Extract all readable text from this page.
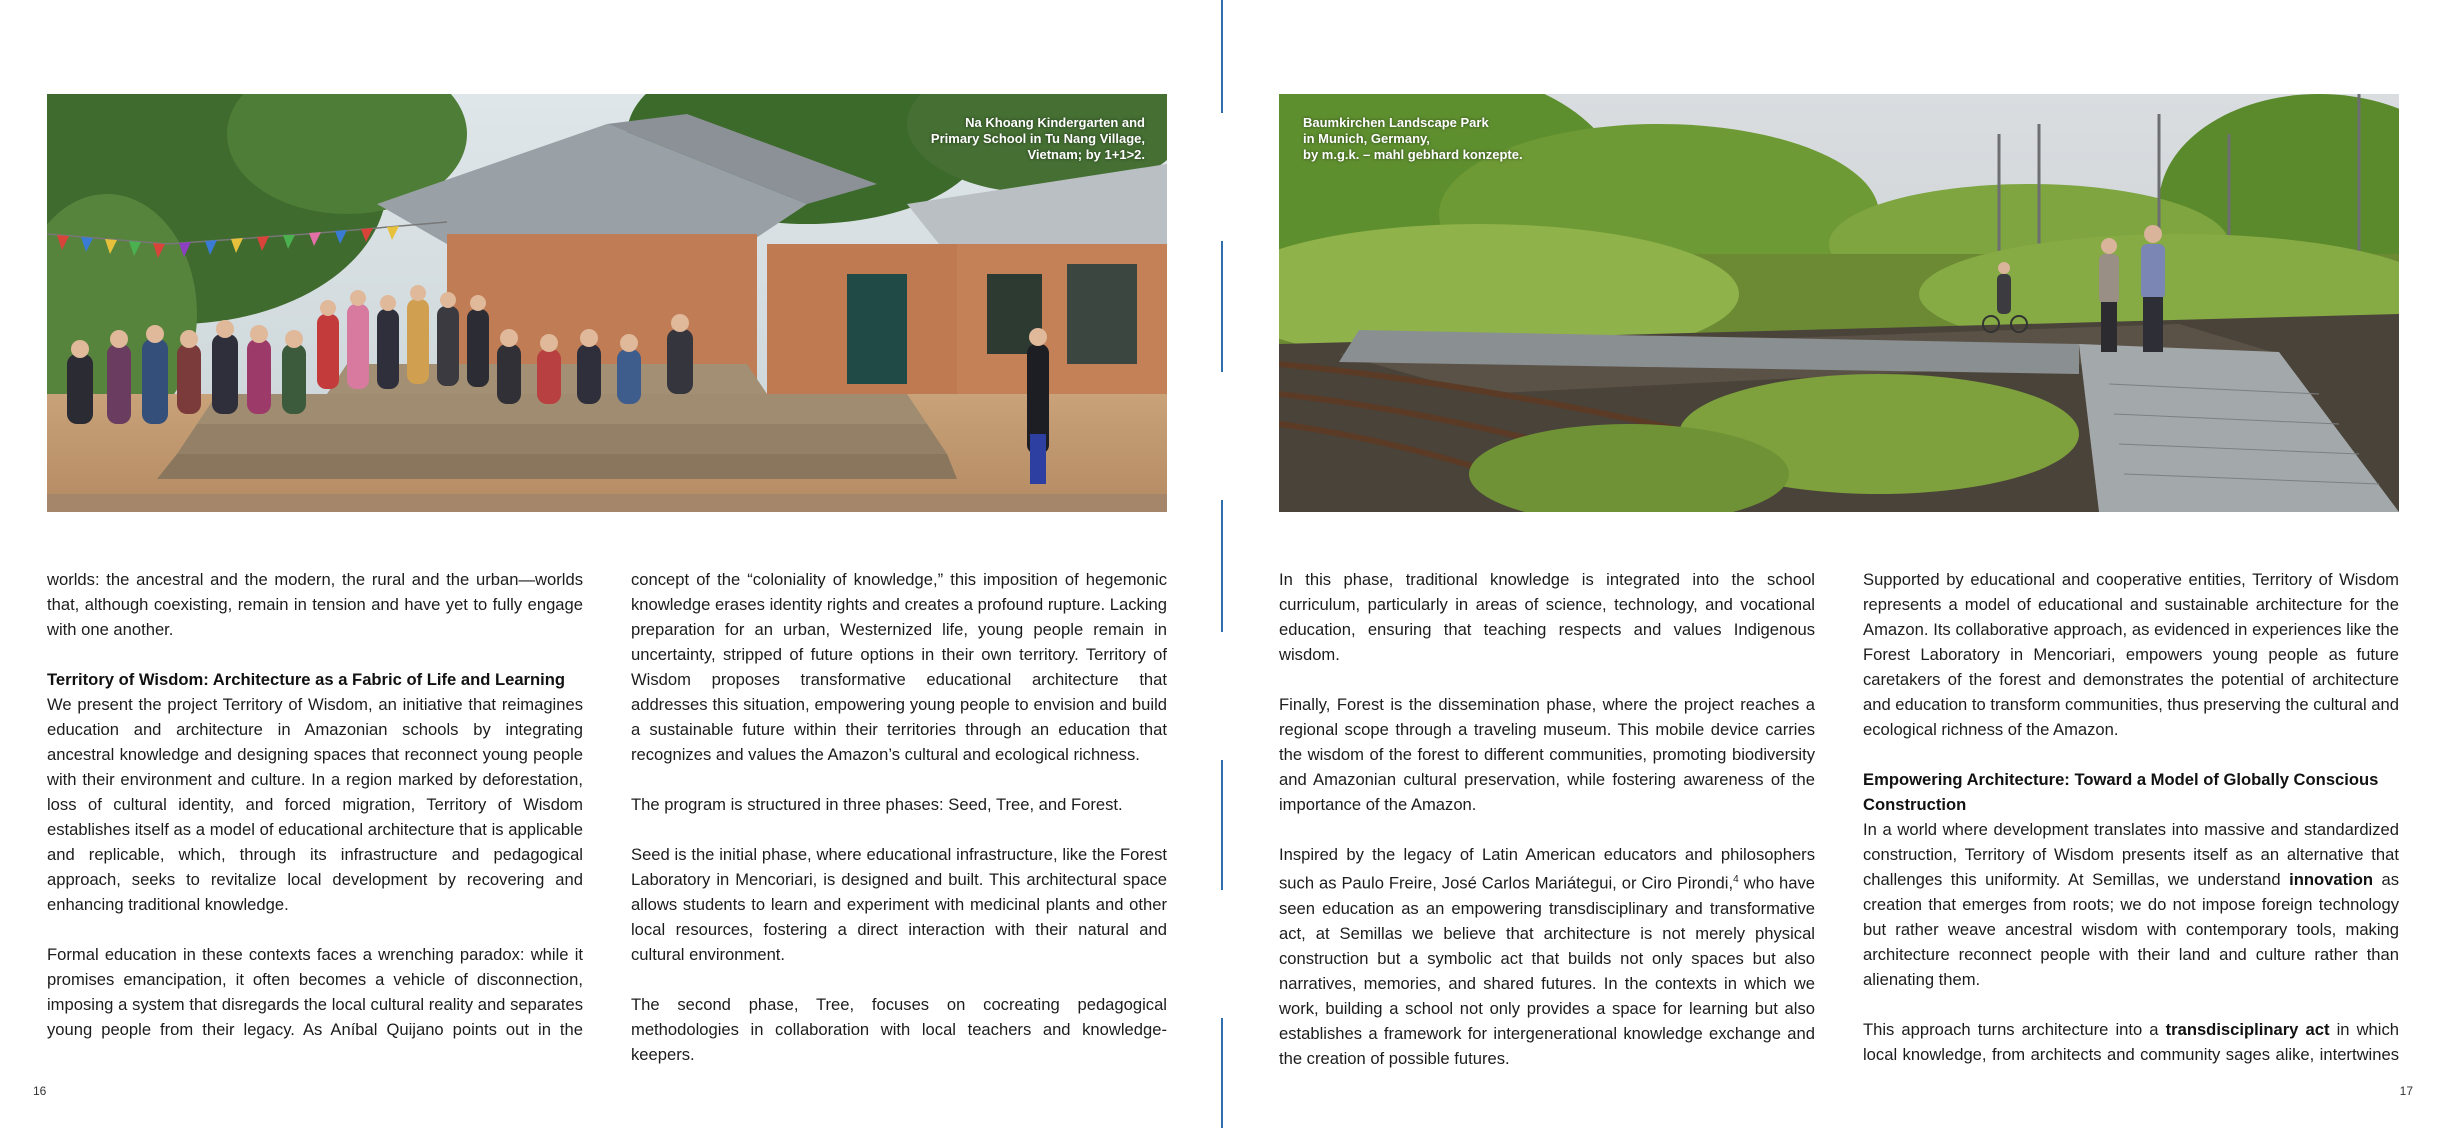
Na Khoang Kindergarten and
Primary School in Tu Nang Village,
Vietnam; by 1+1>2.

worlds: the ancestral and the modern, the rural and the urban—worlds that, although coexisting, remain in tension and have yet to fully engage with one another.

Territory of Wisdom: Architecture as a Fabric of Life and Learning

We present the project Territory of Wisdom, an initiative that reimagines education and architecture in Amazonian schools by integrating ancestral knowledge and designing spaces that reconnect young people with their environment and culture. In a region marked by deforestation, loss of cultural identity, and forced migration, Territory of Wisdom establishes itself as a model of educational architecture that is applicable and replicable, which, through its infrastructure and pedagogical approach, seeks to revitalize local development by recovering and enhancing traditional knowledge.

Formal education in these contexts faces a wrenching paradox: while it promises emancipation, it often becomes a vehicle of disconnection, imposing a system that disregards the local cultural reality and separates young people from their legacy. As Aníbal Quijano points out in the

concept of the “coloniality of knowledge,” this imposition of hegemonic knowledge erases identity rights and creates a profound rupture. Lacking preparation for an urban, Westernized life, young people remain in uncertainty, stripped of future options in their own territory. Territory of Wisdom proposes transformative educational architecture that addresses this situation, empowering young people to envision and build a sustainable future within their territories through an education that recognizes and values the Amazon’s cultural and ecological richness.

The program is structured in three phases: Seed, Tree, and Forest.

Seed is the initial phase, where educational infrastructure, like the Forest Laboratory in Mencoriari, is designed and built. This architectural space allows students to learn and experiment with medicinal plants and other local resources, fostering a direct interaction with their natural and cultural environment.

The second phase, Tree, focuses on cocreating pedagogical methodologies in collaboration with local teachers and knowledge-keepers.

16
Baumkirchen Landscape Park
in Munich, Germany,
by m.g.k. – mahl gebhard konzepte.

In this phase, traditional knowledge is integrated into the school curriculum, particularly in areas of science, technology, and vocational education, ensuring that teaching respects and values Indigenous wisdom.

Finally, Forest is the dissemination phase, where the project reaches a regional scope through a traveling museum. This mobile device carries the wisdom of the forest to different communities, promoting biodiversity and Amazonian cultural preservation, while fostering awareness of the importance of the Amazon.

Inspired by the legacy of Latin American educators and philosophers such as Paulo Freire, José Carlos Mariátegui, or Ciro Pirondi,$^4$ who have seen education as an empowering transdisciplinary and transformative act, at Semillas we believe that architecture is not merely physical construction but a symbolic act that builds not only spaces but also narratives, memories, and shared futures. In the contexts in which we work, building a school not only provides a space for learning but also establishes a framework for intergenerational knowledge exchange and the creation of possible futures.

Supported by educational and cooperative entities, Territory of Wisdom represents a model of educational and sustainable architecture for the Amazon. Its collaborative approach, as evidenced in experiences like the Forest Laboratory in Mencoriari, empowers young people as future caretakers of the forest and demonstrates the potential of architecture and education to transform communities, thus preserving the cultural and ecological richness of the Amazon.

Empowering Architecture: Toward a Model of Globally Conscious Construction

In a world where development translates into massive and standardized construction, Territory of Wisdom presents itself as an alternative that challenges this uniformity. At Semillas, we understand innovation as creation that emerges from roots; we do not impose foreign technology but rather weave ancestral wisdom with contemporary tools, making architecture reconnect people with their land and culture rather than alienating them.

This approach turns architecture into a transdisciplinary act in which local knowledge, from architects and community sages alike, intertwines

17
